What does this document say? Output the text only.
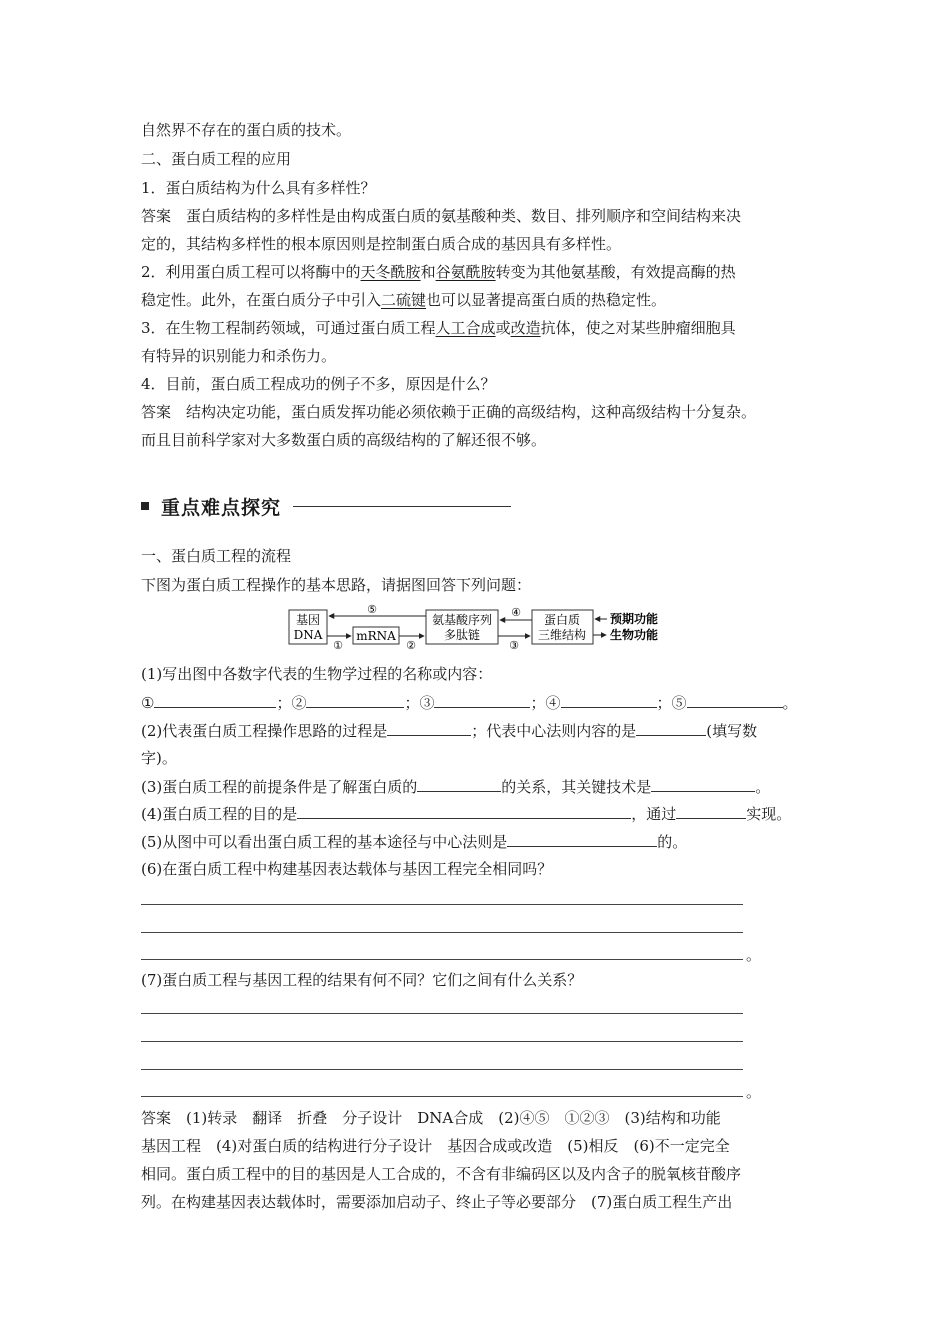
自然界不存在的蛋白质的技术。
二、蛋白质工程的应用
1．蛋白质结构为什么具有多样性？
答案　蛋白质结构的多样性是由构成蛋白质的氨基酸种类、数目、排列顺序和空间结构来决
定的，其结构多样性的根本原因则是控制蛋白质合成的基因具有多样性。
2．利用蛋白质工程可以将酶中的天冬酰胺和谷氨酰胺转变为其他氨基酸，有效提高酶的热
稳定性。此外，在蛋白质分子中引入二硫键也可以显著提高蛋白质的热稳定性。
3．在生物工程制药领域，可通过蛋白质工程人工合成或改造抗体，使之对某些肿瘤细胞具
有特异的识别能力和杀伤力。
4．目前，蛋白质工程成功的例子不多，原因是什么？
答案　结构决定功能，蛋白质发挥功能必须依赖于正确的高级结构，这种高级结构十分复杂。
而且目前科学家对大多数蛋白质的高级结构的了解还很不够。
重点难点探究
一、蛋白质工程的流程
下图为蛋白质工程操作的基本思路，请据图回答下列问题：
基因
DNA	mRNA
氨基酸序列
多肽链
蛋白质
三维结构
⑤
①	②
④
③
预期功能
生物功能
(1)写出图中各数字代表的生物学过程的名称或内容：
①	；②	；③	；④	；⑤	。
(2)代表蛋白质工程操作思路的过程是	；代表中心法则内容的是	(填写数
字)。
(3)蛋白质工程的前提条件是了解蛋白质的	的关系，其关键技术是	。
(4)蛋白质工程的目的是	，通过	实现。
(5)从图中可以看出蛋白质工程的基本途径与中心法则是	的。
(6)在蛋白质工程中构建基因表达载体与基因工程完全相同吗？
。
(7)蛋白质工程与基因工程的结果有何不同？它们之间有什么关系？
。
答案　(1)转录　翻译　折叠　分子设计　DNA合成　(2)④⑤　①②③　(3)结构和功能
基因工程　(4)对蛋白质的结构进行分子设计　基因合成或改造　(5)相反　(6)不一定完全
相同。蛋白质工程中的目的基因是人工合成的，不含有非编码区以及内含子的脱氧核苷酸序
列。在构建基因表达载体时，需要添加启动子、终止子等必要部分　(7)蛋白质工程生产出
